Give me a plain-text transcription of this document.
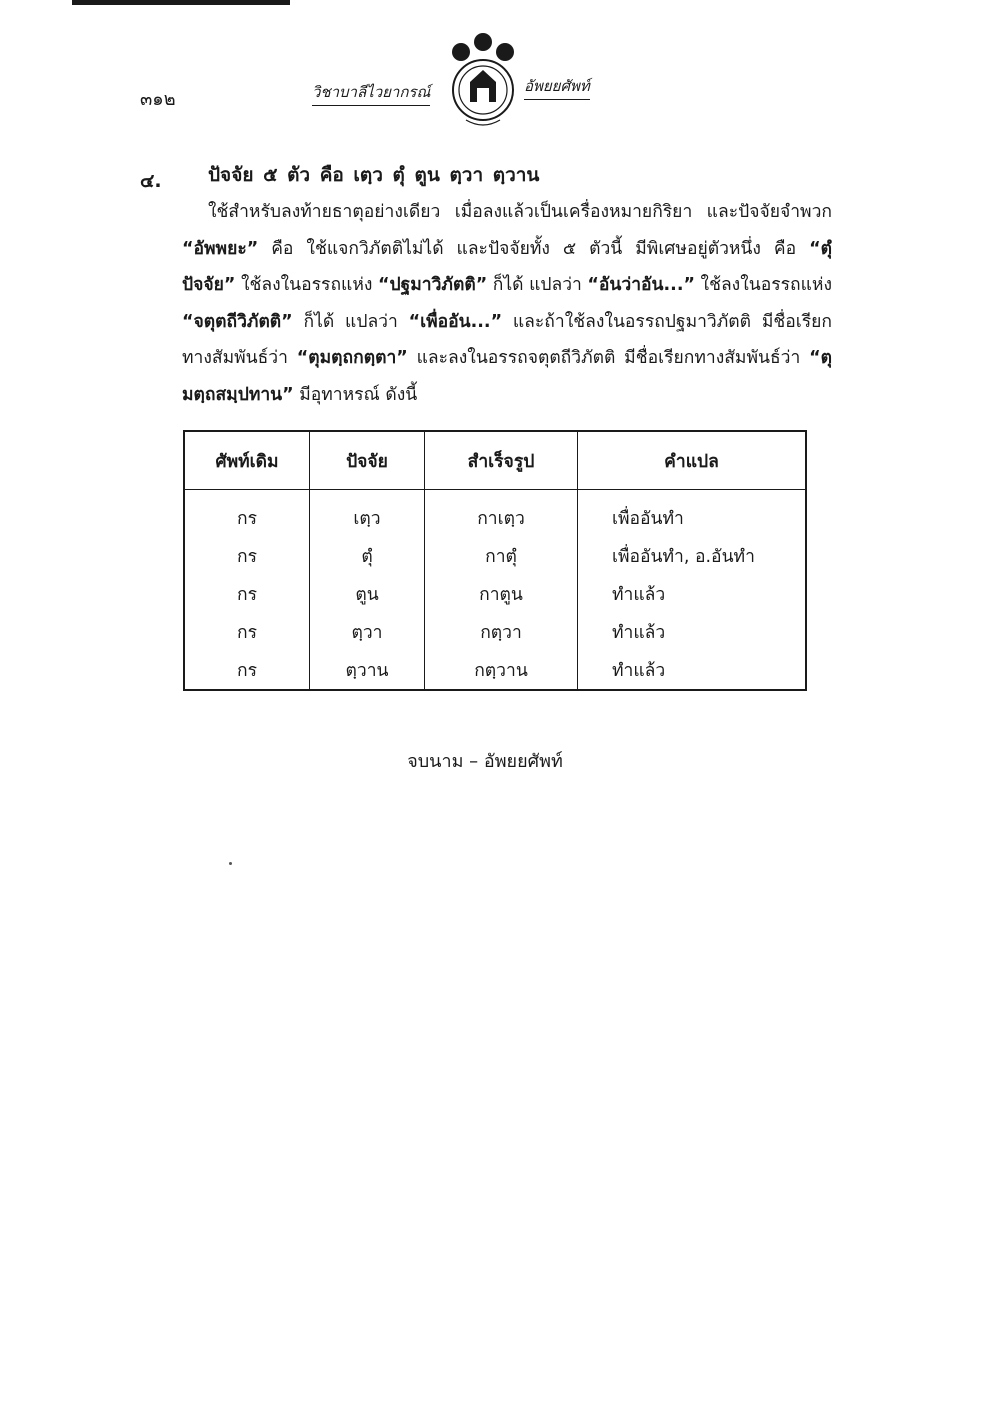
๓๑๒	วิชาบาลีไวยากรณ์	อัพยยศัพท์
๔. ปัจจัย ๕ ตัว คือ เตฺว ตุํ ตูน ตฺวา ตฺวาน

ใช้สำหรับลงท้ายธาตุอย่างเดียว เมื่อลงแล้วเป็นเครื่องหมายกิริยา และปัจจัยจำพวก “อัพพยะ” คือ ใช้แจกวิภัตติไม่ได้ และปัจจัยทั้ง ๕ ตัวนี้ มีพิเศษอยู่ตัวหนึ่ง คือ “ตุํ ปัจจัย” ใช้ลงในอรรถแห่ง “ปฐมาวิภัตติ” ก็ได้ แปลว่า “อันว่าอัน...” ใช้ลงในอรรถแห่ง “จตุตถีวิภัตติ” ก็ได้ แปลว่า “เพื่ออัน...” และถ้าใช้ลงในอรรถปฐมาวิภัตติ มีชื่อเรียกทางสัมพันธ์ว่า “ตุมตฺถกตฺตา” และลงในอรรถจตุตถีวิภัตติ มีชื่อเรียกทางสัมพันธ์ว่า “ตุมตฺถสมฺปทาน” มีอุทาหรณ์ ดังนี้

ศัพท์เดิม	ปัจจัย	สำเร็จรูป	คำแปล
กร	เตฺว	กาเตฺว	เพื่ออันทำ
กร	ตุํ	กาตุํ	เพื่ออันทำ, อ.อันทำ
กร	ตูน	กาตูน	ทำแล้ว
กร	ตฺวา	กตฺวา	ทำแล้ว
กร	ตฺวาน	กตฺวาน	ทำแล้ว
จบนาม – อัพยยศัพท์
